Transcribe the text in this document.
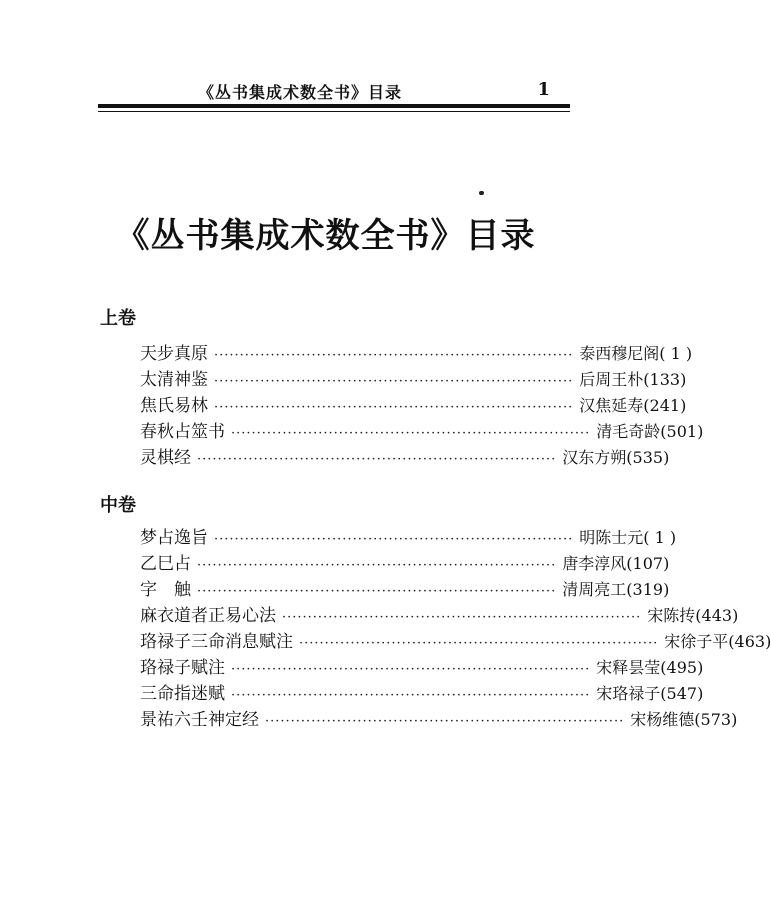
《丛书集成术数全书》目录	1
《丛书集成术数全书》目录
上卷
天步真原 ······································································ 泰西穆尼阁 ( 1 )
太清神鉴 ······································································ 后周王朴 (133)
焦氏易林 ······································································ 汉焦延寿 (241)
春秋占筮书 ······································································ 清毛奇龄 (501)
灵棋经 ······································································ 汉东方朔 (535)
中卷
梦占逸旨 ······································································ 明陈士元 ( 1 )
乙巳占 ······································································ 唐李淳风 (107)
字　触 ······································································ 清周亮工 (319)
麻衣道者正易心法 ······································································ 宋陈抟 (443)
珞禄子三命消息赋注 ······································································ 宋徐子平 (463)
珞禄子赋注 ······································································ 宋释昙莹 (495)
三命指迷赋 ······································································ 宋珞禄子 (547)
景祐六壬神定经 ······································································ 宋杨维德 (573)
